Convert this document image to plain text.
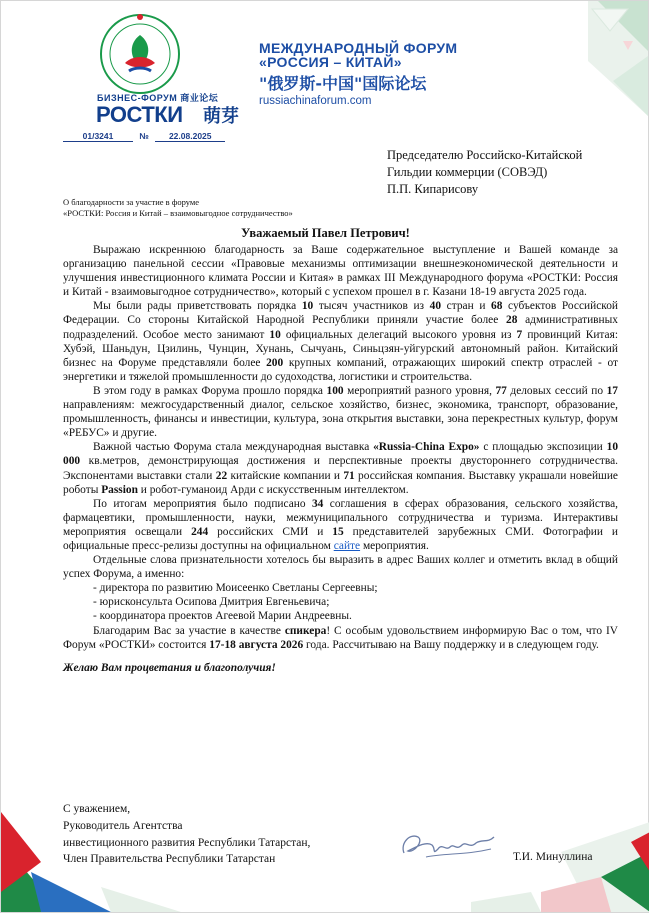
БИЗНЕС-ФОРУМ 商业论坛
РОСТКИ 萌芽
МЕЖДУНАРОДНЫЙ ФОРУМ
«РОССИЯ – КИТАЙ»
"俄罗斯-中国"国际论坛
russiachinaforum.com
01/3241	№ 22.08.2025
Председателю Российско-Китайской
Гильдии коммерции (СОВЭД)
П.П. Кипарисову
О благодарности за участие в форуме
«РОСТКИ: Россия и Китай – взаимовыгодное сотрудничество»
Уважаемый Павел Петрович!

Выражаю искреннюю благодарность за Ваше содержательное выступление и Вашей команде за организацию панельной сессии «Правовые механизмы оптимизации внешнеэкономической деятельности и улучшения инвестиционного климата России и Китая» в рамках III Международного форума «РОСТКИ: Россия и Китай - взаимовыгодное сотрудничество», который с успехом прошел в г. Казани 18-19 августа 2025 года.

Мы были рады приветствовать порядка 10 тысяч участников из 40 стран и 68 субъектов Российской Федерации. Со стороны Китайской Народной Республики приняли участие более 28 административных подразделений. Особое место занимают 10 официальных делегаций высокого уровня из 7 провинций Китая: Хубэй, Шаньдун, Цзилинь, Чунцин, Хунань, Сычуань, Синьцзян-уйгурский автономный район. Китайский бизнес на Форуме представляли более 200 крупных компаний, отражающих широкий спектр отраслей - от энергетики и тяжелой промышленности до судоходства, логистики и строительства.

В этом году в рамках Форума прошло порядка 100 мероприятий разного уровня, 77 деловых сессий по 17 направлениям: межгосударственный диалог, сельское хозяйство, бизнес, экономика, транспорт, образование, промышленность, финансы и инвестиции, культура, зона открытия выставки, зона перекрестных культур, форум «РЕБУС» и другие.

Важной частью Форума стала международная выставка «Russia-China Expo» с площадью экспозиции 10 000 кв.метров, демонстрирующая достижения и перспективные проекты двустороннего сотрудничества. Экспонентами выставки стали 22 китайские компании и 71 российская компания. Выставку украшали новейшие роботы Passion и робот-гуманоид Арди с искусственным интеллектом.

По итогам мероприятия было подписано 34 соглашения в сферах образования, сельского хозяйства, фармацевтики, промышленности, науки, межмуниципального сотрудничества и туризма. Интерактивы мероприятия освещали 244 российских СМИ и 15 представителей зарубежных СМИ. Фотографии и официальные пресс-релизы доступны на официальном сайте мероприятия.

Отдельные слова признательности хотелось бы выразить в адрес Ваших коллег и отметить вклад в общий успех Форума, а именно:

- директора по развитию Моисеенко Светланы Сергеевны;

- юрисконсульта Осипова Дмитрия Евгеньевича;

- координатора проектов Агеевой Марии Андреевны.

Благодарим Вас за участие в качестве спикера! С особым удовольствием информирую Вас о том, что IV Форум «РОСТКИ» состоится 17-18 августа 2026 года. Рассчитываю на Вашу поддержку и в следующем году.

Желаю Вам процветания и благополучия!

С уважением,
Руководитель Агентства
инвестиционного развития Республики Татарстан,
Член Правительства Республики Татарстан	Т.И. Минуллина
